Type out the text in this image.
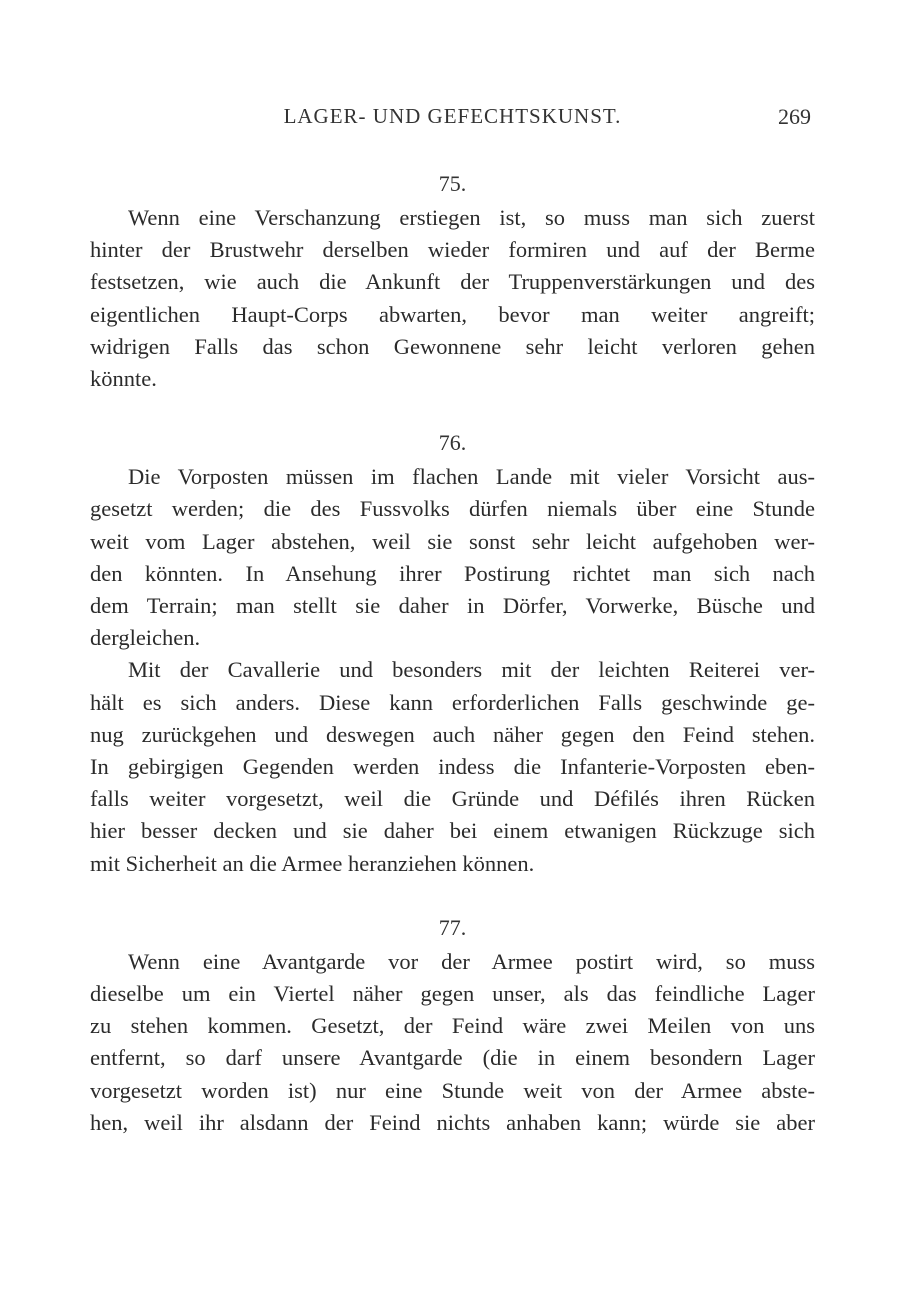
LAGER- UND GEFECHTSKUNST.	269
75.

Wenn eine Verschanzung erstiegen ist, so muss man sich zuerst
hinter der Brustwehr derselben wieder formiren und auf der Berme
festsetzen, wie auch die Ankunft der Truppenverstärkungen und des
eigentlichen Haupt-Corps abwarten, bevor man weiter angreift;
widrigen Falls das schon Gewonnene sehr leicht verloren gehen
könnte.

76.

Die Vorposten müssen im flachen Lande mit vieler Vorsicht aus-
gesetzt werden; die des Fussvolks dürfen niemals über eine Stunde
weit vom Lager abstehen, weil sie sonst sehr leicht aufgehoben wer-
den könnten. In Ansehung ihrer Postirung richtet man sich nach
dem Terrain; man stellt sie daher in Dörfer, Vorwerke, Büsche und
dergleichen.

Mit der Cavallerie und besonders mit der leichten Reiterei ver-
hält es sich anders. Diese kann erforderlichen Falls geschwinde ge-
nug zurückgehen und deswegen auch näher gegen den Feind stehen.
In gebirgigen Gegenden werden indess die Infanterie-Vorposten eben-
falls weiter vorgesetzt, weil die Gründe und Défilés ihren Rücken
hier besser decken und sie daher bei einem etwanigen Rückzuge sich
mit Sicherheit an die Armee heranziehen können.

77.

Wenn eine Avantgarde vor der Armee postirt wird, so muss
dieselbe um ein Viertel näher gegen unser, als das feindliche Lager
zu stehen kommen. Gesetzt, der Feind wäre zwei Meilen von uns
entfernt, so darf unsere Avantgarde (die in einem besondern Lager
vorgesetzt worden ist) nur eine Stunde weit von der Armee abste-
hen, weil ihr alsdann der Feind nichts anhaben kann; würde sie aber
